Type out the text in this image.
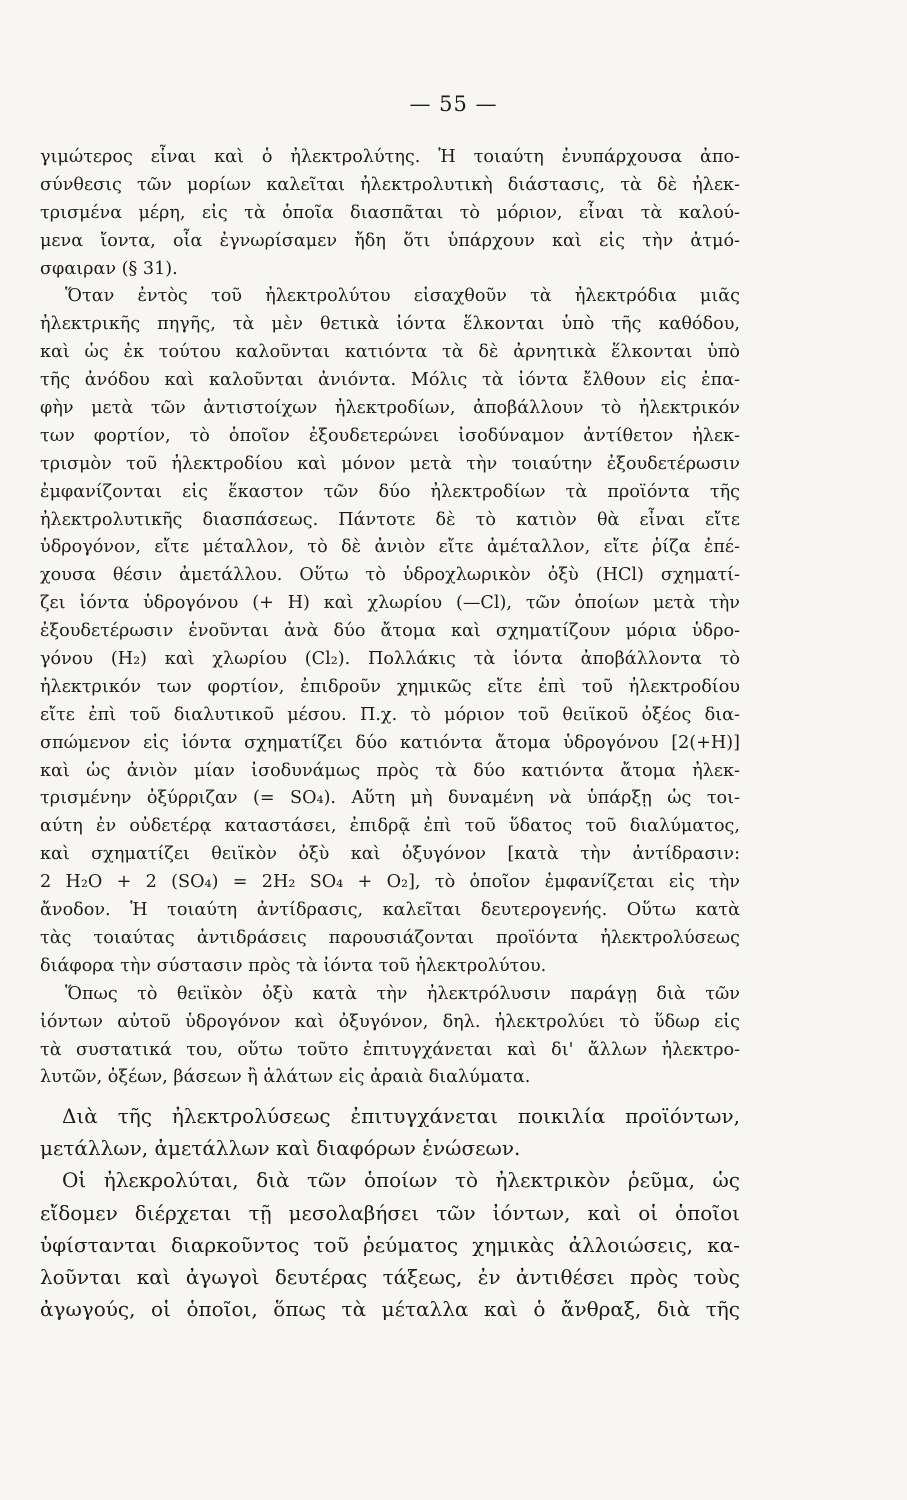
— 55 —
γιμώτερος εἶναι καὶ ὁ ἠλεκτρολύτης. Ἡ τοιαύτη ἐνυπάρχουσα ἀπο-
σύνθεσις τῶν μορίων καλεῖται ἠλεκτρολυτικὴ διάστασις, τὰ δὲ ἠλεκ-
τρισμένα μέρη, εἰς τὰ ὁποῖα διασπᾶται τὸ μόριον, εἶναι τὰ καλού-
μενα ἴοντα, οἷα ἐγνωρίσαμεν ἤδη ὅτι ὑπάρχουν καὶ εἰς τὴν ἀτμό-
σφαιραν (§ 31).
Ὅταν ἐντὸς τοῦ ἠλεκτρολύτου εἰσαχθοῦν τὰ ἠλεκτρόδια μιᾶς
ἠλεκτρικῆς πηγῆς, τὰ μὲν θετικὰ ἰόντα ἕλκονται ὑπὸ τῆς καθόδου,
καὶ ὡς ἐκ τούτου καλοῦνται κατιόντα τὰ δὲ ἀρνητικὰ ἕλκονται ὑπὸ
τῆς ἀνόδου καὶ καλοῦνται ἀνιόντα. Μόλις τὰ ἰόντα ἔλθουν εἰς ἐπα-
φὴν μετὰ τῶν ἀντιστοίχων ἠλεκτροδίων, ἀποβάλλουν τὸ ἠλεκτρικόν
των φορτίον, τὸ ὁποῖον ἐξουδετερώνει ἰσοδύναμον ἀντίθετον ἠλεκ-
τρισμὸν τοῦ ἠλεκτροδίου καὶ μόνον μετὰ τὴν τοιαύτην ἐξουδετέρωσιν
ἐμφανίζονται εἰς ἕκαστον τῶν δύο ἠλεκτροδίων τὰ προϊόντα τῆς
ἠλεκτρολυτικῆς διασπάσεως. Πάντοτε δὲ τὸ κατιὸν θὰ εἶναι εἴτε
ὑδρογόνον, εἴτε μέταλλον, τὸ δὲ ἀνιὸν εἴτε ἀμέταλλον, εἴτε ῥίζα ἐπέ-
χουσα θέσιν ἀμετάλλου. Οὕτω τὸ ὑδροχλωρικὸν ὀξὺ (HCl) σχηματί-
ζει ἰόντα ὑδρογόνου (+ H) καὶ χλωρίου (—Cl), τῶν ὁποίων μετὰ τὴν
ἐξουδετέρωσιν ἑνοῦνται ἀνὰ δύο ἄτομα καὶ σχηματίζουν μόρια ὑδρο-
γόνου (H₂) καὶ χλωρίου (Cl₂). Πολλάκις τὰ ἰόντα ἀποβάλλοντα τὸ
ἠλεκτρικόν των φορτίον, ἐπιδροῦν χημικῶς εἴτε ἐπὶ τοῦ ἠλεκτροδίου
εἴτε ἐπὶ τοῦ διαλυτικοῦ μέσου. Π.χ. τὸ μόριον τοῦ θειϊκοῦ ὀξέος δια-
σπώμενον εἰς ἰόντα σχηματίζει δύο κατιόντα ἄτομα ὑδρογόνου [2(+H)]
καὶ ὡς ἀνιὸν μίαν ἰσοδυνάμως πρὸς τὰ δύο κατιόντα ἄτομα ἠλεκ-
τρισμένην ὀξύρριζαν (= SO₄). Αὕτη μὴ δυναμένη νὰ ὑπάρξῃ ὡς τοι-
αύτη ἐν οὐδετέρᾳ καταστάσει, ἐπιδρᾷ ἐπὶ τοῦ ὕδατος τοῦ διαλύματος,
καὶ σχηματίζει θειϊκὸν ὀξὺ καὶ ὀξυγόνον [κατὰ τὴν ἀντίδρασιν:
2 H₂O + 2 (SO₄) = 2H₂ SO₄ + O₂], τὸ ὁποῖον ἐμφανίζεται εἰς τὴν
ἄνοδον. Ἡ τοιαύτη ἀντίδρασις, καλεῖται δευτερογενής. Οὕτω κατὰ
τὰς τοιαύτας ἀντιδράσεις παρουσιάζονται προϊόντα ἠλεκτρολύσεως
διάφορα τὴν σύστασιν πρὸς τὰ ἰόντα τοῦ ἠλεκτρολύτου.
Ὅπως τὸ θειϊκὸν ὀξὺ κατὰ τὴν ἠλεκτρόλυσιν παράγῃ διὰ τῶν
ἰόντων αὐτοῦ ὑδρογόνον καὶ ὀξυγόνον, δηλ. ἠλεκτρολύει τὸ ὕδωρ εἰς
τὰ συστατικά του, οὕτω τοῦτο ἐπιτυγχάνεται καὶ δι' ἄλλων ἠλεκτρο-
λυτῶν, ὀξέων, βάσεων ἢ ἁλάτων εἰς ἀραιὰ διαλύματα.
Διὰ τῆς ἠλεκτρολύσεως ἐπιτυγχάνεται ποικιλία προϊόντων,
μετάλλων, ἀμετάλλων καὶ διαφόρων ἑνώσεων.
Οἱ ἠλεκρολύται, διὰ τῶν ὁποίων τὸ ἠλεκτρικὸν ῥεῦμα, ὡς
εἴδομεν διέρχεται τῇ μεσολαβήσει τῶν ἰόντων, καὶ οἱ ὁποῖοι
ὑφίστανται διαρκοῦντος τοῦ ῥεύματος χημικὰς ἀλλοιώσεις, κα-
λοῦνται καὶ ἀγωγοὶ δευτέρας τάξεως, ἐν ἀντιθέσει πρὸς τοὺς
ἀγωγούς, οἱ ὁποῖοι, ὅπως τὰ μέταλλα καὶ ὁ ἄνθραξ, διὰ τῆς
